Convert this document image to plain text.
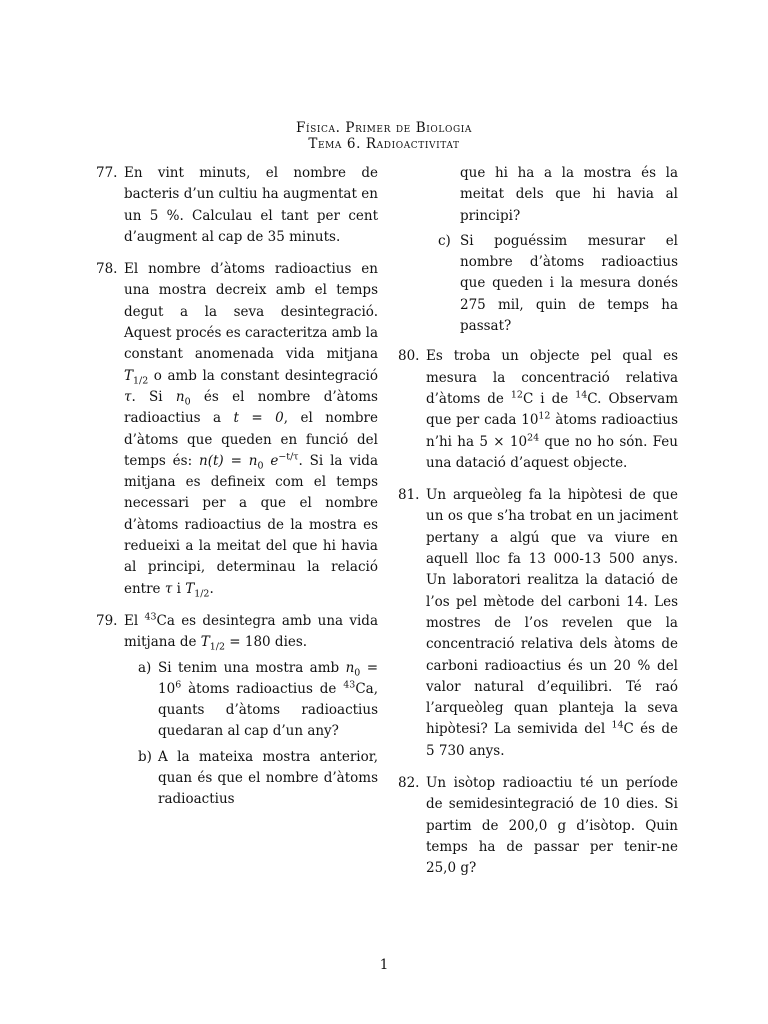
Física. Primer de Biologia
Tema 6. Radioactivitat
77. En vint minuts, el nombre de bacteris d’un cultiu ha augmentat en un 5 %. Calculau el tant per cent d’augment al cap de 35 minuts.
78. El nombre d’àtoms radioactius en una mostra decreix amb el temps degut a la seva desintegració. Aquest procés es caracteritza amb la constant anomenada vida mitjana $T_{1/2}$ o amb la constant desintegració τ. Si $n_0$ és el nombre d’àtoms radioactius a t = 0, el nombre d’àtoms que queden en funció del temps és: $n(t) = n_0$ $e^{-t/\tau}$. Si la vida mitjana es defineix com el temps necessari per a que el nombre d’àtoms radioactius de la mostra es redueixi a la meitat del que hi havia al principi, determinau la relació entre τ i $T_{1/2}$.
79. El $^{43}$Ca es desintegra amb una vida mitjana de $T_{1/2} = 180$ dies.
a) Si tenim una mostra amb $n_0 = 10^6$ àtoms radioactius de $^{43}$Ca, quants d’àtoms radioactius quedaran al cap d’un any?
b) A la mateixa mostra anterior, quan és que el nombre d’àtoms radioactius
que hi ha a la mostra és la meitat dels que hi havia al principi?
c) Si poguéssim mesurar el nombre d’àtoms radioactius que queden i la mesura donés 275 mil, quin de temps ha passat?
80. Es troba un objecte pel qual es mesura la concentració relativa d’àtoms de $^{12}$C i de $^{14}$C. Observam que per cada $10^{12}$ àtoms radioactius n’hi ha $5 \times 10^{24}$ que no ho són. Feu una datació d’aquest objecte.
81. Un arqueòleg fa la hipòtesi de que un os que s’ha trobat en un jaciment pertany a algú que va viure en aquell lloc fa 13 000-13 500 anys. Un laboratori realitza la datació de l’os pel mètode del carboni 14. Les mostres de l’os revelen que la concentració relativa dels àtoms de carboni radioactius és un 20 % del valor natural d’equilibri. Té raó l’arqueòleg quan planteja la seva hipòtesi? La semivida del $^{14}$C és de 5 730 anys.
82. Un isòtop radioactiu té un període de semidesintegració de 10 dies. Si partim de 200,0 g d’isòtop. Quin temps ha de passar per tenir-ne 25,0 g?
1
